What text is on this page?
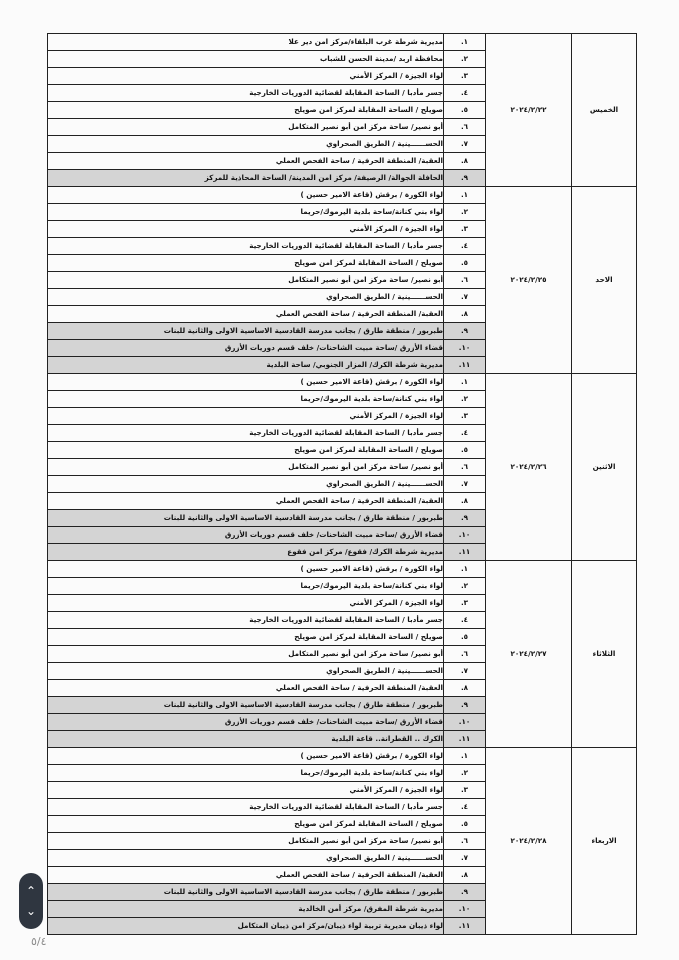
الخميس	٢٠٢٤/٢/٢٢	١.	مديرية شرطة غرب البلقاء/مركز امن دير علا
		٢.	محافظة اربد /مدينة الحسن للشباب
		٣.	لواء الجيزة / المركز الأمني
		٤.	جسر مأدبا / الساحة المقابلة لقضائية الدوريات الخارجية
		٥.	صويلح / الساحة المقابلة لمركز امن صويلح
		٦.	أبو نصير/ ساحة مركز امن أبو نصير المتكامل
		٧.	الحســــــينية / الطريق الصحراوي
		٨.	العقبة/ المنطقة الحرفية / ساحة الفحص العملي
		٩.	الحافلة الجوالة/ الرصيفة/ مركز امن المدينة/ الساحة المحاذية للمركز
الاحد	٢٠٢٤/٢/٢٥	١.	لواء الكورة / برقش (قاعة الامير حسين )
		٢.	لواء بني كنانة/ساحة بلدية اليرموك/حريما
		٣.	لواء الجيزة / المركز الأمني
		٤.	جسر مأدبا / الساحة المقابلة لقضائية الدوريات الخارجية
		٥.	صويلح / الساحة المقابلة لمركز امن صويلح
		٦.	أبو نصير/ ساحة مركز امن أبو نصير المتكامل
		٧.	الحســــــينية / الطريق الصحراوي
		٨.	العقبة/ المنطقة الحرفية / ساحة الفحص العملي
		٩.	طبربور / منطقة طارق / بجانب مدرسة القادسية الاساسية الاولى والثانية للبنات
		١٠.	قضاء الأزرق /ساحة مبيت الشاحنات/ خلف قسم دوريات الأزرق
		١١.	مديرية شرطة الكرك/ المزار الجنوبي/ ساحة البلدية
الاثنين	٢٠٢٤/٢/٢٦	١.	لواء الكورة / برقش (قاعة الامير حسين )
		٢.	لواء بني كنانة/ساحة بلدية اليرموك/حريما
		٣.	لواء الجيزة / المركز الأمني
		٤.	جسر مأدبا / الساحة المقابلة لقضائية الدوريات الخارجية
		٥.	صويلح / الساحة المقابلة لمركز امن صويلح
		٦.	أبو نصير/ ساحة مركز امن أبو نصير المتكامل
		٧.	الحســــــينية / الطريق الصحراوي
		٨.	العقبة/ المنطقة الحرفية / ساحة الفحص العملي
		٩.	طبربور / منطقة طارق / بجانب مدرسة القادسية الاساسية الاولى والثانية للبنات
		١٠.	قضاء الأزرق /ساحة مبيت الشاحنات/ خلف قسم دوريات الأزرق
		١١.	مديرية شرطة الكرك/ فقوع/ مركز امن فقوع
الثلاثاء	٢٠٢٤/٢/٢٧	١.	لواء الكورة / برقش (قاعة الامير حسين )
		٢.	لواء بني كنانة/ساحة بلدية اليرموك/حريما
		٣.	لواء الجيزة / المركز الأمني
		٤.	جسر مأدبا / الساحة المقابلة لقضائية الدوريات الخارجية
		٥.	صويلح / الساحة المقابلة لمركز امن صويلح
		٦.	أبو نصير/ ساحة مركز امن أبو نصير المتكامل
		٧.	الحســــــينية / الطريق الصحراوي
		٨.	العقبة/ المنطقة الحرفية / ساحة الفحص العملي
		٩.	طبربور / منطقة طارق / بجانب مدرسة القادسية الاساسية الاولى والثانية للبنات
		١٠.	قضاء الأزرق /ساحة مبيت الشاحنات/ خلف قسم دوريات الأزرق
		١١.	الكرك .. القطرانة.. قاعة البلدية
الاربعاء	٢٠٢٤/٢/٢٨	١.	لواء الكورة / برقش (قاعة الامير حسين )
		٢.	لواء بني كنانة/ساحة بلدية اليرموك/حريما
		٣.	لواء الجيزة / المركز الأمني
		٤.	جسر مأدبا / الساحة المقابلة لقضائية الدوريات الخارجية
		٥.	صويلح / الساحة المقابلة لمركز امن صويلح
		٦.	أبو نصير/ ساحة مركز امن أبو نصير المتكامل
		٧.	الحســــــينية / الطريق الصحراوي
		٨.	العقبة/ المنطقة الحرفية / ساحة الفحص العملي
		٩.	طبربور / منطقة طارق / بجانب مدرسة القادسية الاساسية الاولى والثانية للبنات
		١٠.	مديرية شرطة المفرق/ مركز أمن الخالدية
		١١.	لواء ذيبان مديرية تربية لواء ذيبان/مركز امن ذيبان المتكامل
⌃
⌄
٥/٤
